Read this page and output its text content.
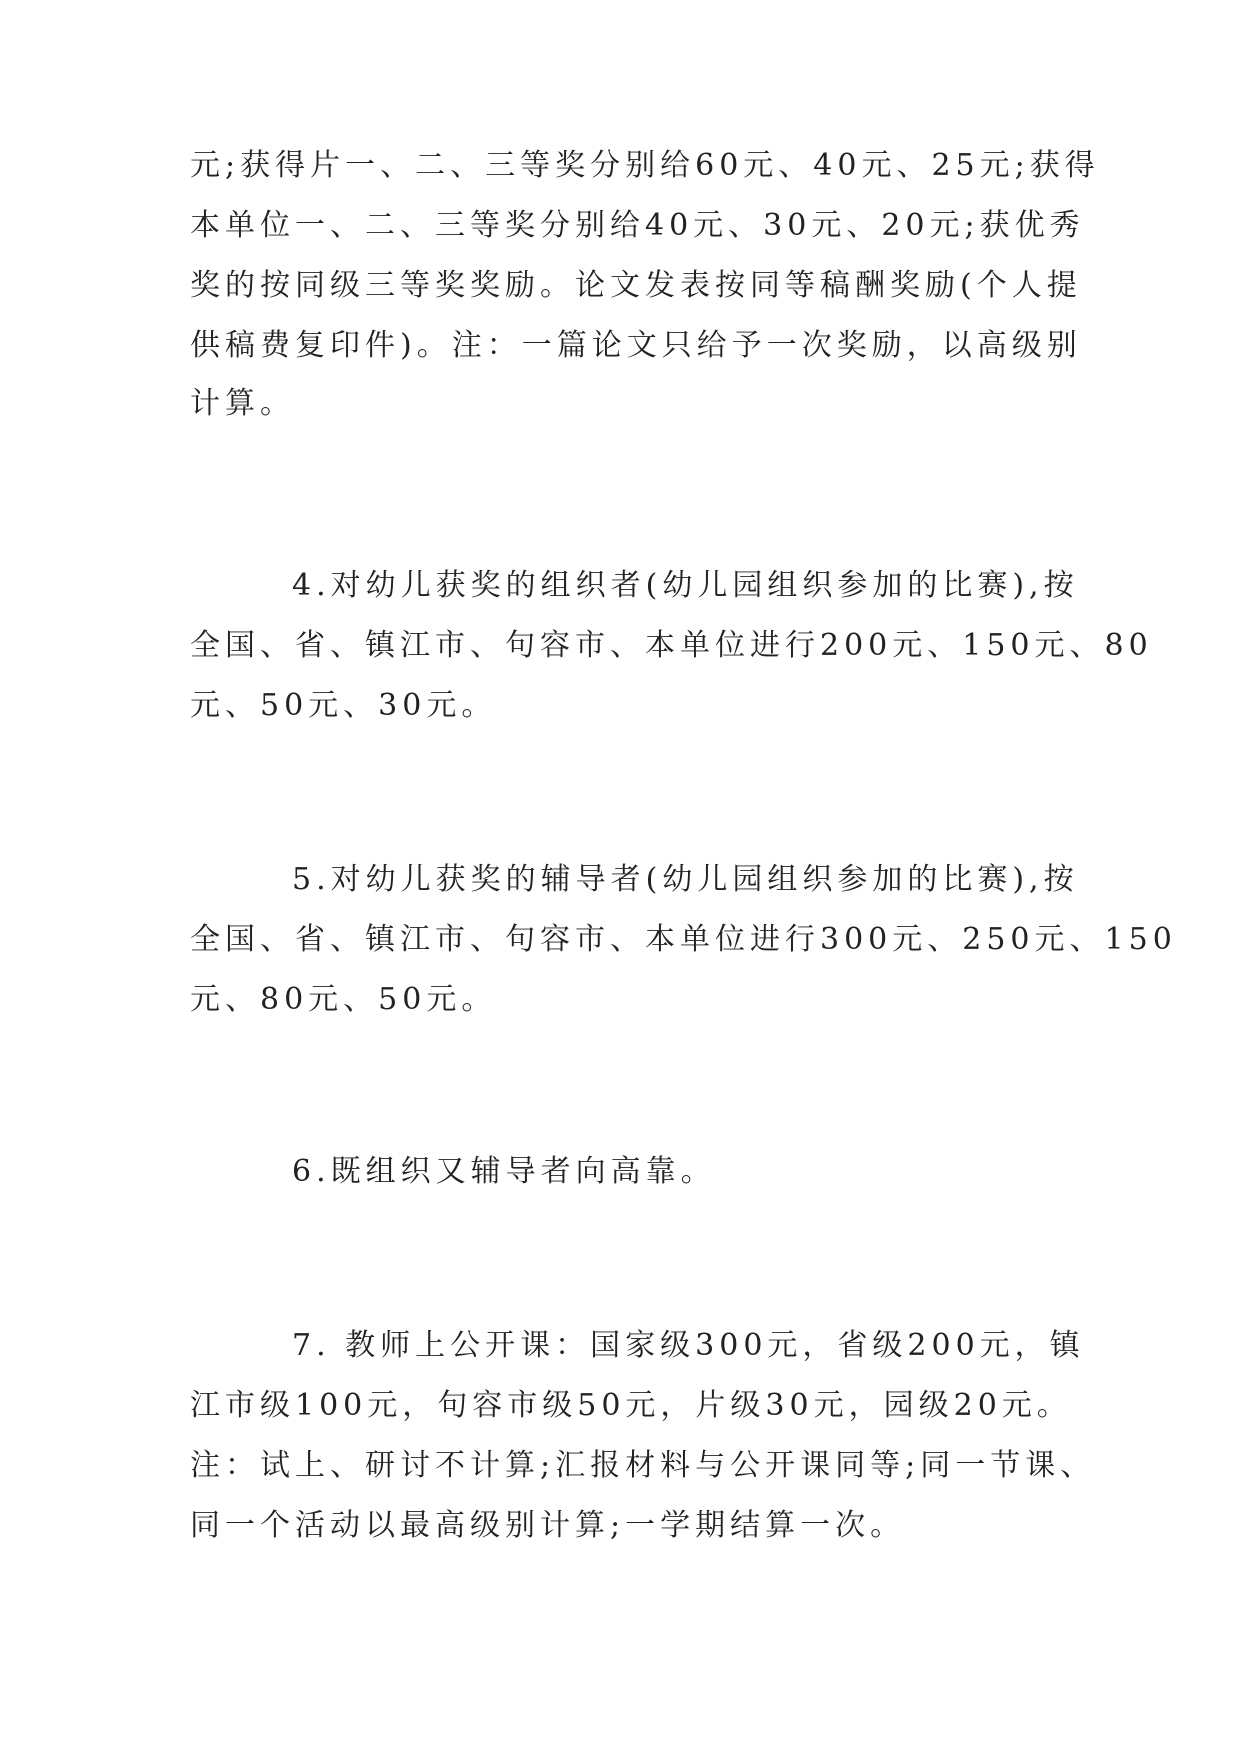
元;获得片一、二、三等奖分别给60元、40元、25元;获得
本单位一、二、三等奖分别给40元、30元、20元;获优秀
奖的按同级三等奖奖励。论文发表按同等稿酬奖励(个人提
供稿费复印件)。注：一篇论文只给予一次奖励，以高级别
计算。
4.对幼儿获奖的组织者(幼儿园组织参加的比赛),按
全国、省、镇江市、句容市、本单位进行200元、150元、80
元、50元、30元。
5.对幼儿获奖的辅导者(幼儿园组织参加的比赛),按
全国、省、镇江市、句容市、本单位进行300元、250元、150
元、80元、50元。
6.既组织又辅导者向高靠。
7. 教师上公开课：国家级300元，省级200元，镇
江市级100元，句容市级50元，片级30元，园级20元。
注：试上、研讨不计算;汇报材料与公开课同等;同一节课、
同一个活动以最高级别计算;一学期结算一次。
